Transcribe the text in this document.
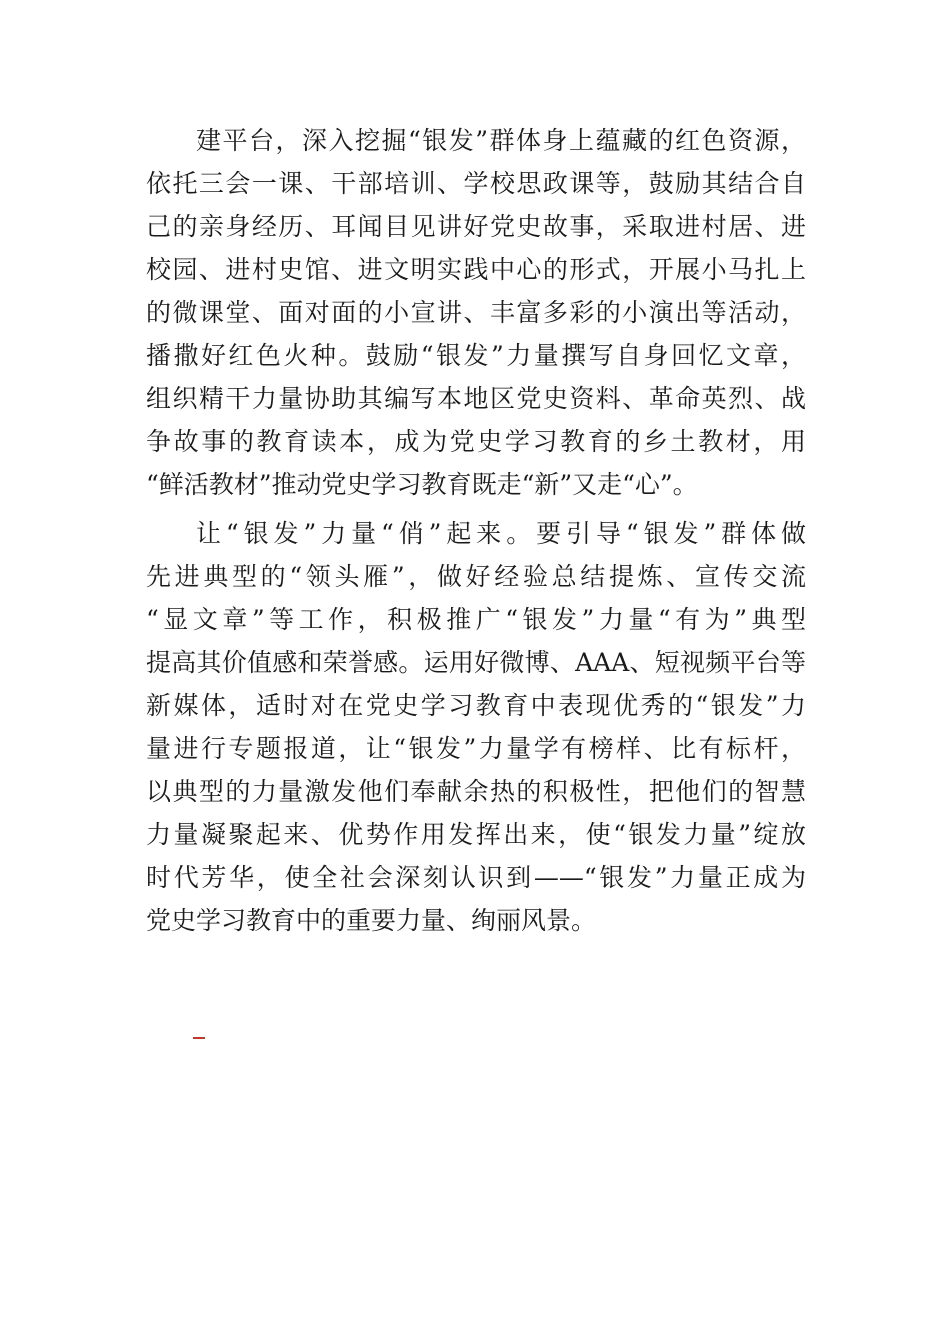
建平台，深入挖掘“银发”群体身上蕴藏的红色资源，
依托三会一课、干部培训、学校思政课等，鼓励其结合自
己的亲身经历、耳闻目见讲好党史故事，采取进村居、进
校园、进村史馆、进文明实践中心的形式，开展小马扎上
的微课堂、面对面的小宣讲、丰富多彩的小演出等活动，
播撒好红色火种。鼓励“银发”力量撰写自身回忆文章，
组织精干力量协助其编写本地区党史资料、革命英烈、战
争故事的教育读本，成为党史学习教育的乡土教材，用
“鲜活教材”推动党史学习教育既走“新”又走“心”。
让“银发”力量“俏”起来。要引导“银发”群体做
先进典型的“领头雁”，做好经验总结提炼、宣传交流
“显文章”等工作，积极推广“银发”力量“有为”典型
提高其价值感和荣誉感。运用好微博、AAA、短视频平台等
新媒体，适时对在党史学习教育中表现优秀的“银发”力
量进行专题报道，让“银发”力量学有榜样、比有标杆，
以典型的力量激发他们奉献余热的积极性，把他们的智慧
力量凝聚起来、优势作用发挥出来，使“银发力量”绽放
时代芳华，使全社会深刻认识到——“银发”力量正成为
党史学习教育中的重要力量、绚丽风景。
